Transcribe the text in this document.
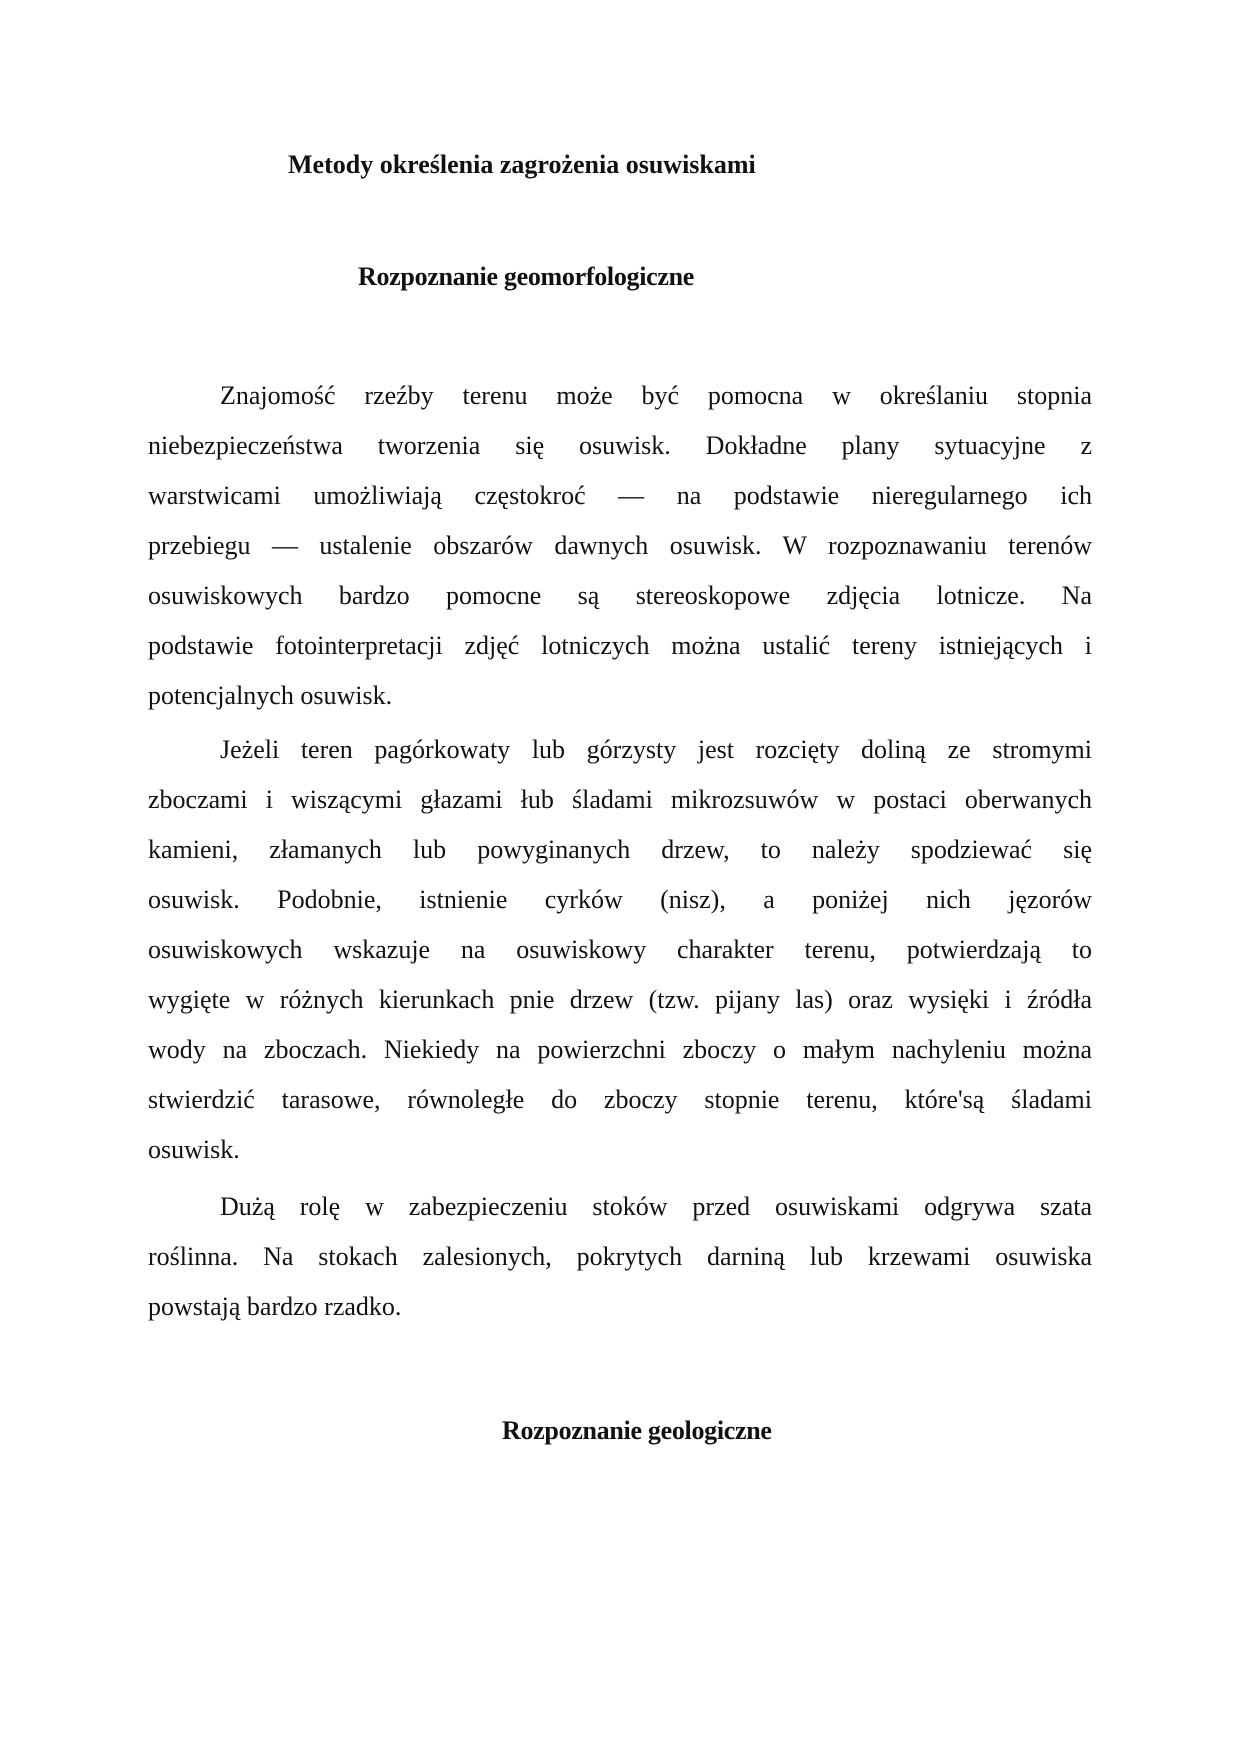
Metody określenia zagrożenia osuwiskami
Rozpoznanie geomorfologiczne
Znajomość rzeźby terenu może być pomocna w określaniu stopnia
niebezpieczeństwa tworzenia się osuwisk. Dokładne plany sytuacyjne z
warstwicami umożliwiają częstokroć — na podstawie nieregularnego ich
przebiegu — ustalenie obszarów dawnych osuwisk. W rozpoznawaniu terenów
osuwiskowych bardzo pomocne są stereoskopowe zdjęcia lotnicze. Na
podstawie fotointerpretacji zdjęć lotniczych można ustalić tereny istniejących i
potencjalnych osuwisk.
Jeżeli teren pagórkowaty lub górzysty jest rozcięty doliną ze stromymi
zboczami i wiszącymi głazami łub śladami mikrozsuwów w postaci oberwanych
kamieni, złamanych lub powyginanych drzew, to należy spodziewać się
osuwisk. Podobnie, istnienie cyrków (nisz), a poniżej nich jęzorów
osuwiskowych wskazuje na osuwiskowy charakter terenu, potwierdzają to
wygięte w różnych kierunkach pnie drzew (tzw. pijany las) oraz wysięki i źródła
wody na zboczach. Niekiedy na powierzchni zboczy o małym nachyleniu można
stwierdzić tarasowe, równoległe do zboczy stopnie terenu, które'są śladami
osuwisk.
Dużą rolę w zabezpieczeniu stoków przed osuwiskami odgrywa szata
roślinna. Na stokach zalesionych, pokrytych darniną lub krzewami osuwiska
powstają bardzo rzadko.
Rozpoznanie geologiczne
